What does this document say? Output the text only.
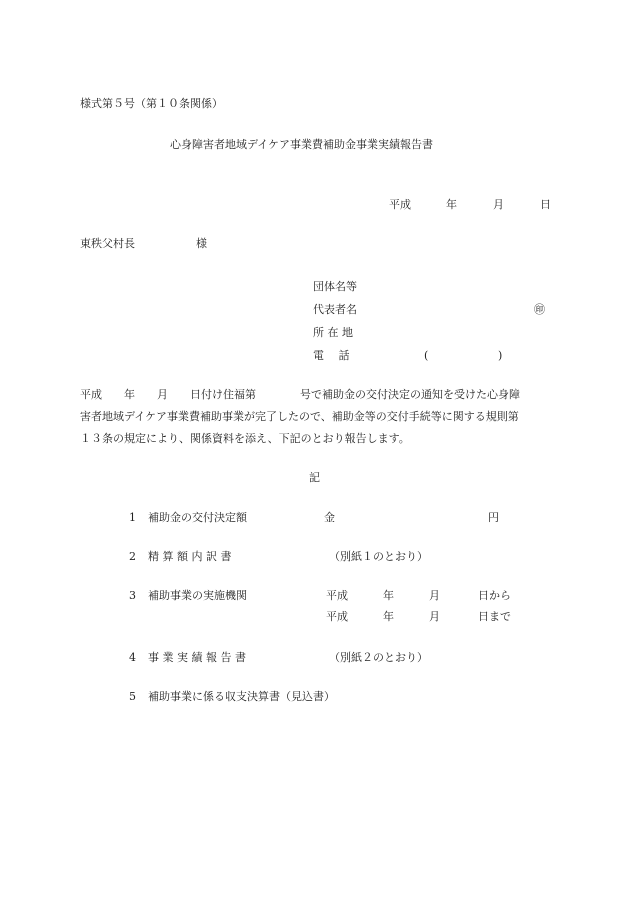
様式第５号（第１０条関係）
心身障害者地域デイケア事業費補助金事業実績報告書
平成	年	月	日
東秩父村長	様
団体名等
代表者名	㊞
所 在 地
電　 話	(	)
平成　　年　　月　　日付け住福第　　　　号で補助金の交付決定の通知を受けた心身障
害者地域デイケア事業費補助事業が完了したので、補助金等の交付手続等に関する規則第
１３条の規定により、関係資料を添え、下記のとおり報告します。
記
1 補助金の交付決定額	金	円
2 精 算 額 内 訳 書	（別紙１のとおり）
3 補助事業の実施機関	平成	年	月	日から
平成	年	月	日まで
4 事 業 実 績 報 告 書	（別紙２のとおり）
5 補助事業に係る収支決算書（見込書）
